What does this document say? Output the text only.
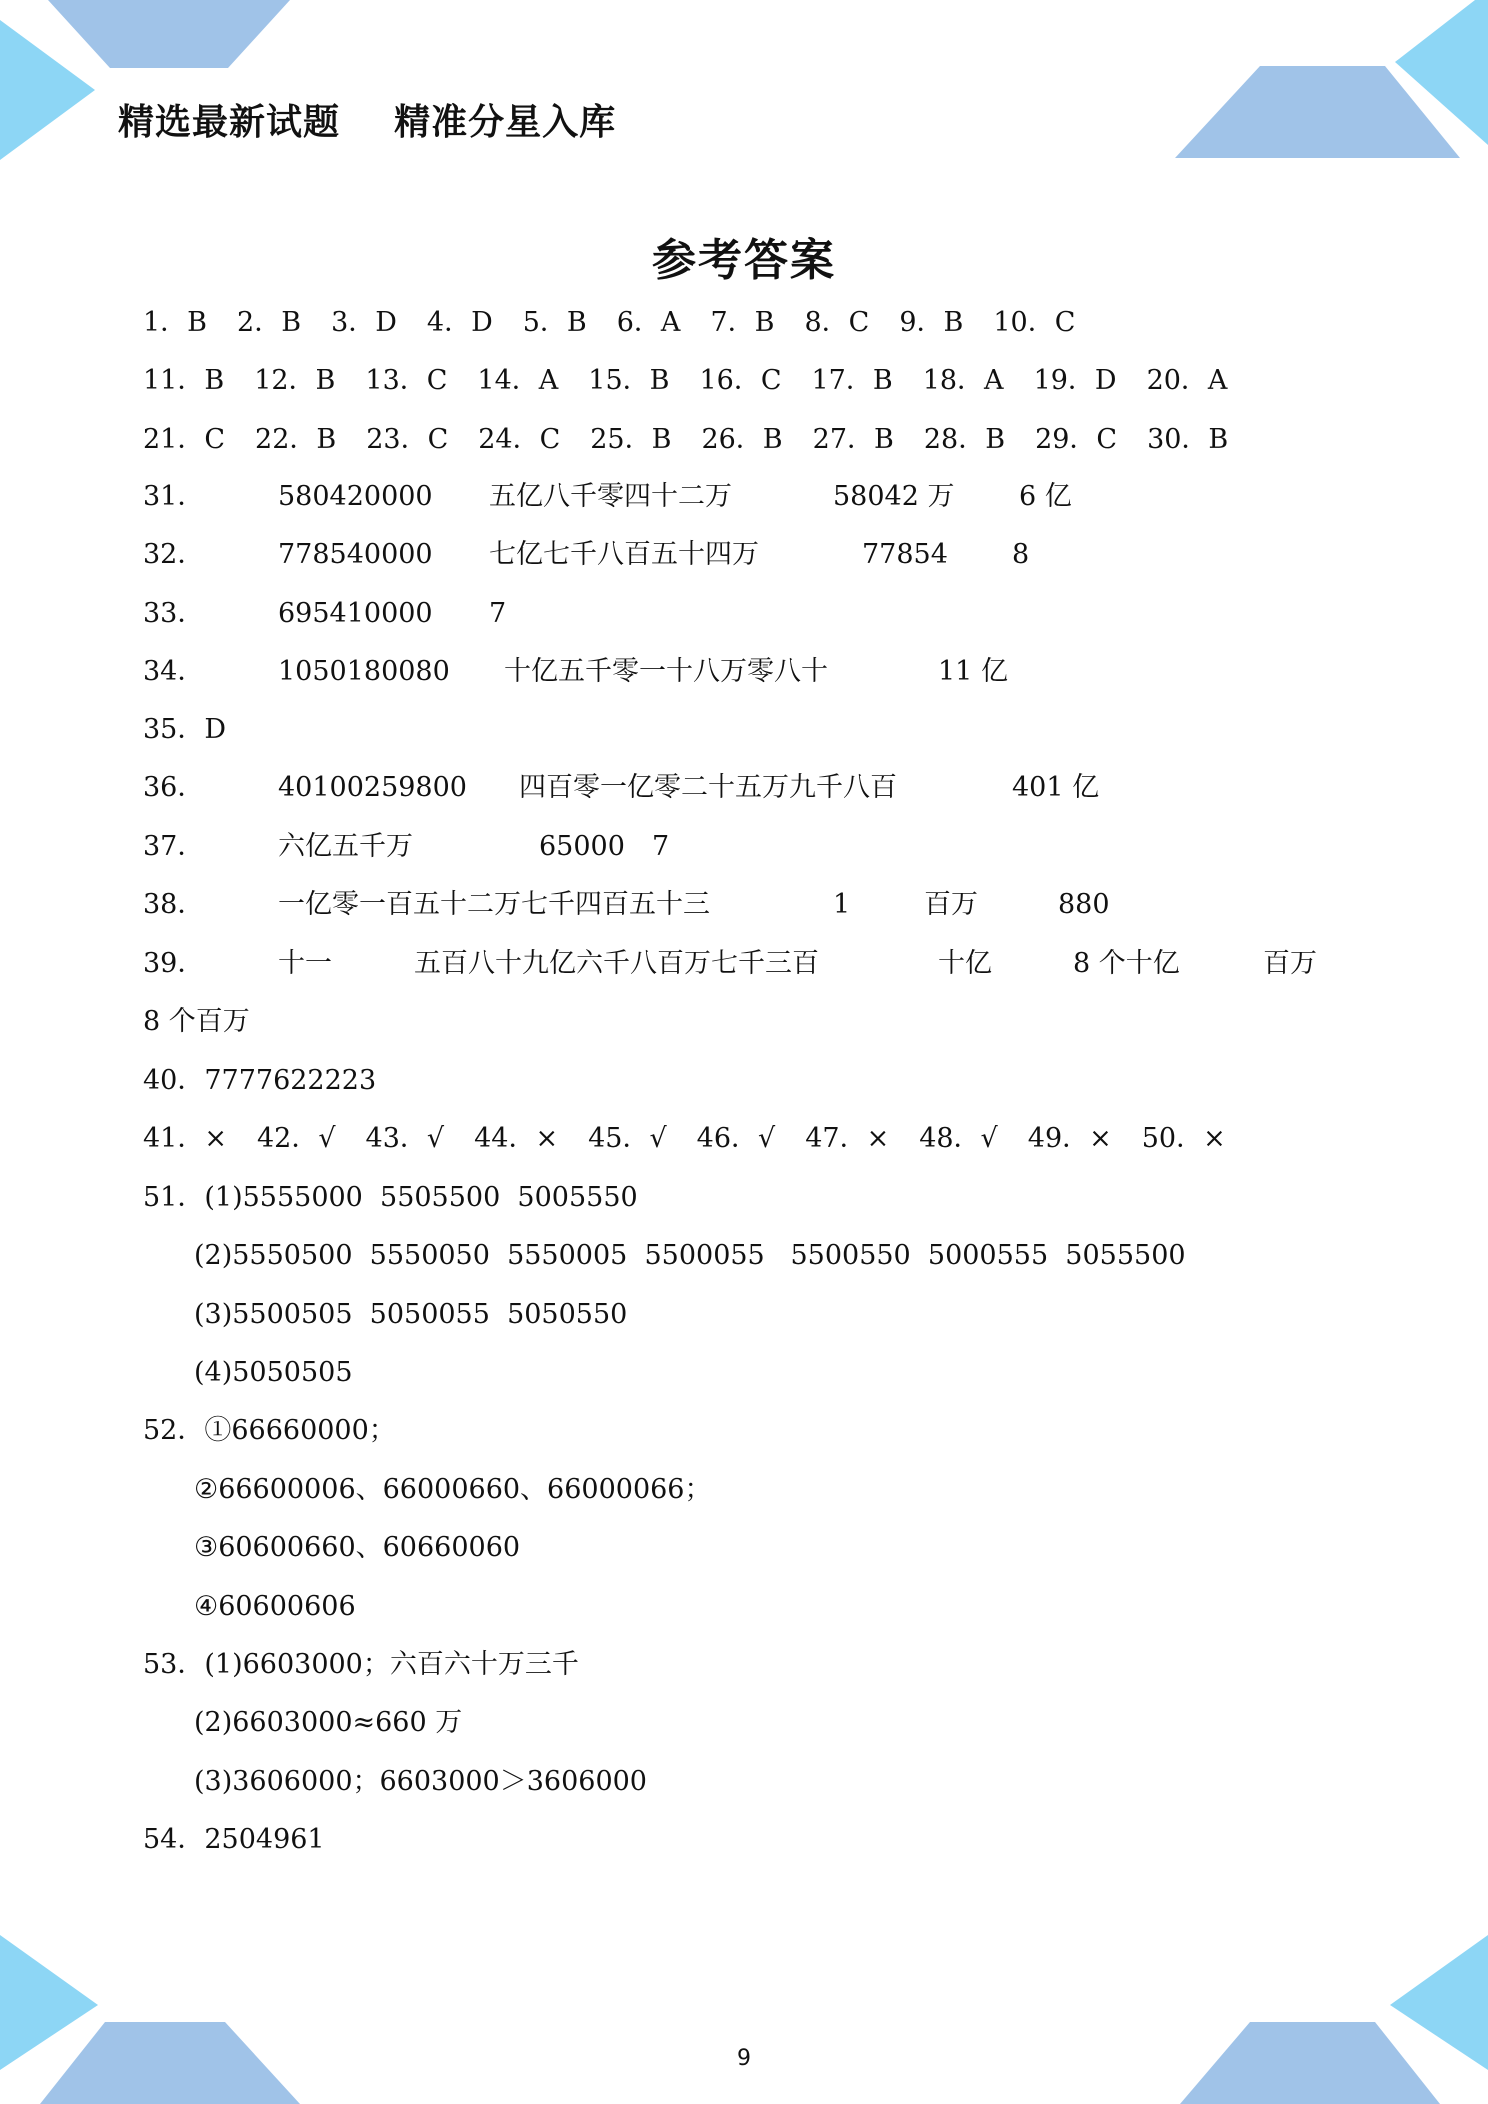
精选最新试题    精准分星入库
参考答案
1．B 2．B 3．D 4．D 5．B 6．A 7．B 8．C 9．B 10．C
11．B 12．B 13．C 14．A 15．B 16．C 17．B 18．A 19．D 20．A
21．C 22．B 23．C 24．C 25．B 26．B 27．B 28．B 29．C 30．B
31．	580420000 五亿八千零四十二万	58042 万 6 亿
32．	778540000 七亿七千八百五十四万	77854 8
33．	695410000 7
34．	1050180080 十亿五千零一十八万零八十	11 亿
35．D
36．	40100259800 四百零一亿零二十五万九千八百	401 亿
37．	六亿五千万	65000 7
38．	一亿零一百五十二万七千四百五十三	1	百万	880
39．	十一	五百八十九亿六千八百万七千三百	十亿	8 个十亿	百万
8 个百万
40．7777622223
41．× 42．√ 43．√ 44．× 45．√ 46．√ 47．× 48．√ 49．× 50．×
51．(1)5555000  5505500  5005550
(2)5550500  5550050  5550005  5500055   5500550  5000555  5055500
(3)5500505  5050055  5050550
(4)5050505
52．①66660000；
②66600006、66000660、66000066；
③60600660、60660060
④60600606
53．(1)6603000；六百六十万三千
(2)6603000≈660 万
(3)3606000；6603000＞3606000
54．2504961
9
